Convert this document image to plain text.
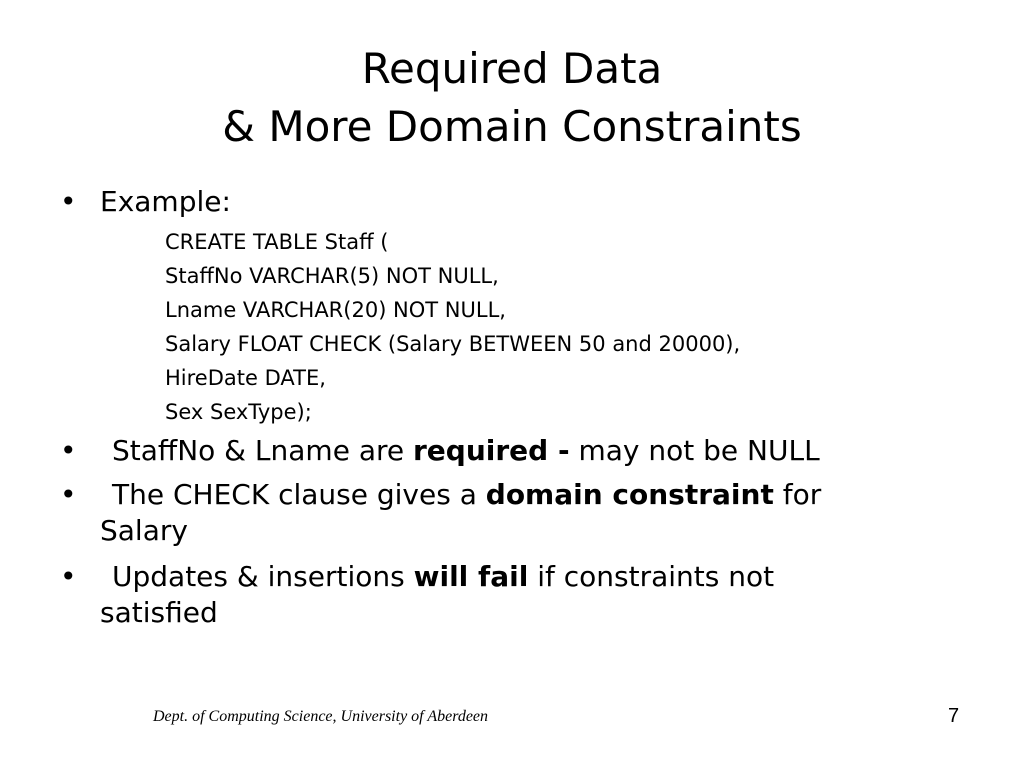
Required Data
& More Domain Constraints
• Example:
CREATE TABLE Staff (
StaffNo VARCHAR(5) NOT NULL,
Lname VARCHAR(20) NOT NULL,
Salary FLOAT CHECK (Salary BETWEEN 50 and 20000),
HireDate DATE,
Sex SexType);
• StaffNo & Lname are required - may not be NULL
• The CHECK clause gives a domain constraint for
Salary
• Updates & insertions will fail if constraints not
satisfied
Dept. of Computing Science, University of Aberdeen	7
